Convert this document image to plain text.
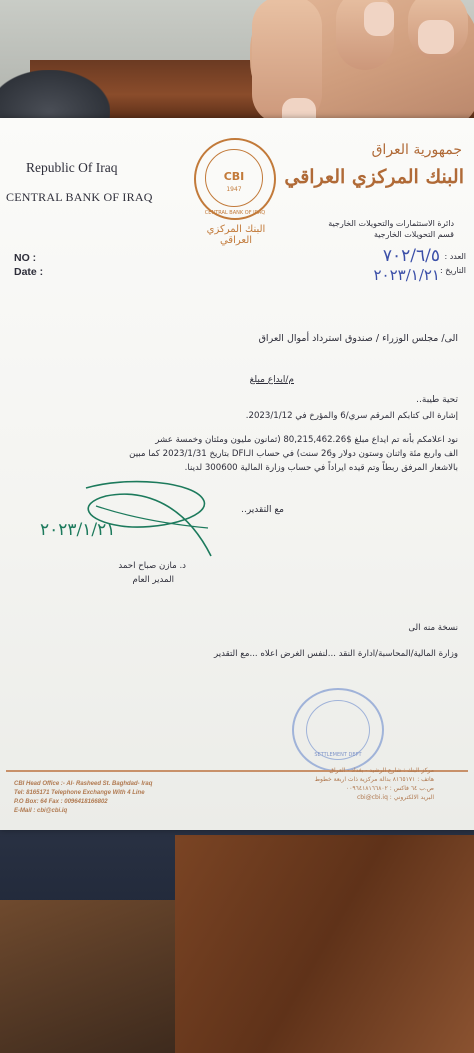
Republic Of Iraq
CENTRAL BANK OF IRAQ
NO :
Date :
CBI
1947
CENTRAL BANK OF IRAQ
البنك المركزي العراقي
جمهورية العراق
البنك المركزي العراقي
دائرة الاستثمارات والتحويلات الخارجية
قسم التحويلات الخارجية
العدد :
التاريخ :
٧٠٢/٦/٥
٢٠٢٣/١/٢١
الى/ مجلس الوزراء / صندوق استرداد أموال العراق
م/ايداع مبلغ
تحية طيبة..
إشارة الى كتابكم المرقم سري/6 والمؤرخ في 2023/1/12.
نود اعلامكم بأنه تم ايداع مبلغ $80,215,462.26 (ثمانون مليون ومئتان وخمسة عشر
الف واربع مئة واثنان وستون دولار و26 سنت) في حساب الـDFI بتاريخ 2023/1/31 كما مبين
بالاشعار المرفق ربطاً وتم قيده ايراداً في حساب وزارة المالية 300600 لدينا.
مع التقدير..
٢٠٢٣/١/٢١
د. مازن صباح احمد
المدير العام
نسخة منه الى
وزارة المالية/المحاسبة/ادارة النقد ...لنفس الغرض اعلاه ...مع التقدير
SETTLEMENT DEPT
CBI Head Office :- Al- Rasheed St. Baghdad- Iraq
Tel: 8165171 Telephone Exchange With 4 Line
P.O Box: 64 Fax : 0096418166802
E-Mail : cbi@cbi.iq
مركز البنك : شارع الرشيد - بغداد - العراق
هاتف : ٨١٦٥١٧١ بدالة مركزية ذات اربعة خطوط
ص.ب ٦٤ فاكس : ٠٠٩٦٤١٨١٦٦٨٠٢
البريد الالكتروني : cbi@cbi.iq
